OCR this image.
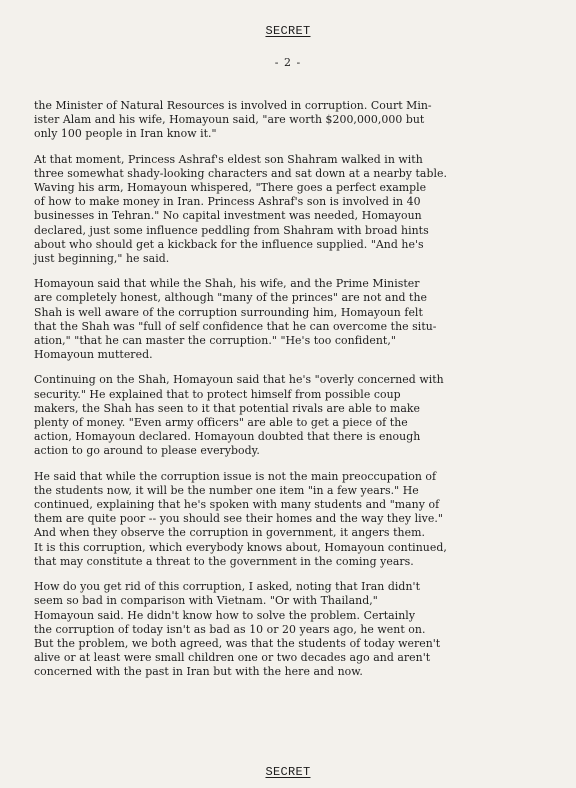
SECRET
- 2 -

the Minister of Natural Resources is involved in corruption. Court Min-
ister Alam and his wife, Homayoun said, "are worth $200,000,000 but
only 100 people in Iran know it."

At that moment, Princess Ashraf's eldest son Shahram walked in with
three somewhat shady-looking characters and sat down at a nearby table.
Waving his arm, Homayoun whispered, "There goes a perfect example
of how to make money in Iran. Princess Ashraf's son is involved in 40
businesses in Tehran." No capital investment was needed, Homayoun
declared, just some influence peddling from Shahram with broad hints
about who should get a kickback for the influence supplied. "And he's
just beginning," he said.

Homayoun said that while the Shah, his wife, and the Prime Minister
are completely honest, although "many of the princes" are not and the
Shah is well aware of the corruption surrounding him, Homayoun felt
that the Shah was "full of self confidence that he can overcome the situ-
ation," "that he can master the corruption." "He's too confident,"
Homayoun muttered.

Continuing on the Shah, Homayoun said that he's "overly concerned with
security." He explained that to protect himself from possible coup
makers, the Shah has seen to it that potential rivals are able to make
plenty of money. "Even army officers" are able to get a piece of the
action, Homayoun declared. Homayoun doubted that there is enough
action to go around to please everybody.

He said that while the corruption issue is not the main preoccupation of
the students now, it will be the number one item "in a few years." He
continued, explaining that he's spoken with many students and "many of
them are quite poor -- you should see their homes and the way they live."
And when they observe the corruption in government, it angers them.
It is this corruption, which everybody knows about, Homayoun continued,
that may constitute a threat to the government in the coming years.

How do you get rid of this corruption, I asked, noting that Iran didn't
seem so bad in comparison with Vietnam. "Or with Thailand,"
Homayoun said. He didn't know how to solve the problem. Certainly
the corruption of today isn't as bad as 10 or 20 years ago, he went on.
But the problem, we both agreed, was that the students of today weren't
alive or at least were small children one or two decades ago and aren't
concerned with the past in Iran but with the here and now.

SECRET
